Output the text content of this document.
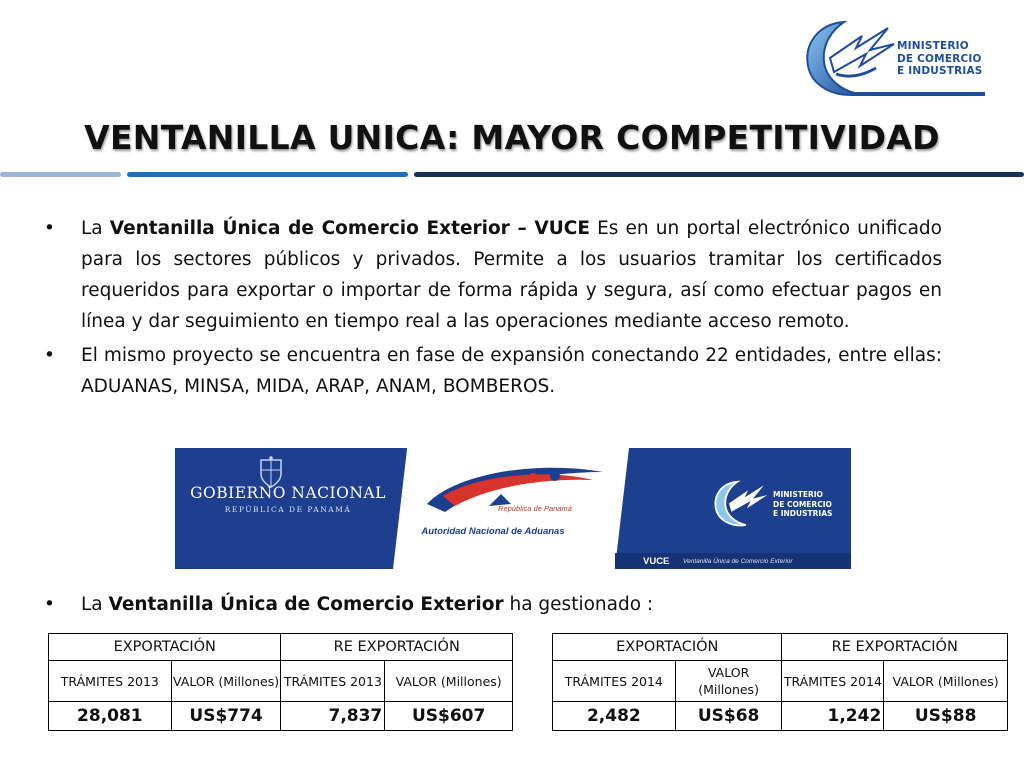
MINISTERIO
DE COMERCIO
E INDUSTRIAS
VENTANILLA UNICA: MAYOR COMPETITIVIDAD
•	La Ventanilla Única de Comercio Exterior – VUCE Es en un portal electrónico unificado para los sectores públicos y privados. Permite a los usuarios tramitar los certificados requeridos para exportar o importar de forma rápida y segura, así como efectuar pagos en línea y dar seguimiento en tiempo real a las operaciones mediante acceso remoto.
•	El mismo proyecto se encuentra en fase de expansión conectando 22 entidades, entre ellas: ADUANAS, MINSA, MIDA, ARAP, ANAM, BOMBEROS.
GOBIERNO NACIONAL
REPÚBLICA DE PANAMÁ	República de Panamá
Autoridad Nacional de Aduanas
MINISTERIO
DE COMERCIO
E INDUSTRIAS
VUCE Ventanilla Única de Comercio Exterior
•	La Ventanilla Única de Comercio Exterior ha gestionado :
EXPORTACIÓN		RE EXPORTACIÓN	
TRÁMITES 2013	VALOR (Millones)	TRÁMITES 2013	VALOR (Millones)
28,081	US$774	7,837	US$607
EXPORTACIÓN		RE EXPORTACIÓN	
TRÁMITES 2014	VALOR (Millones)	TRÁMITES 2014	VALOR (Millones)
2,482	US$68	1,242	US$88
